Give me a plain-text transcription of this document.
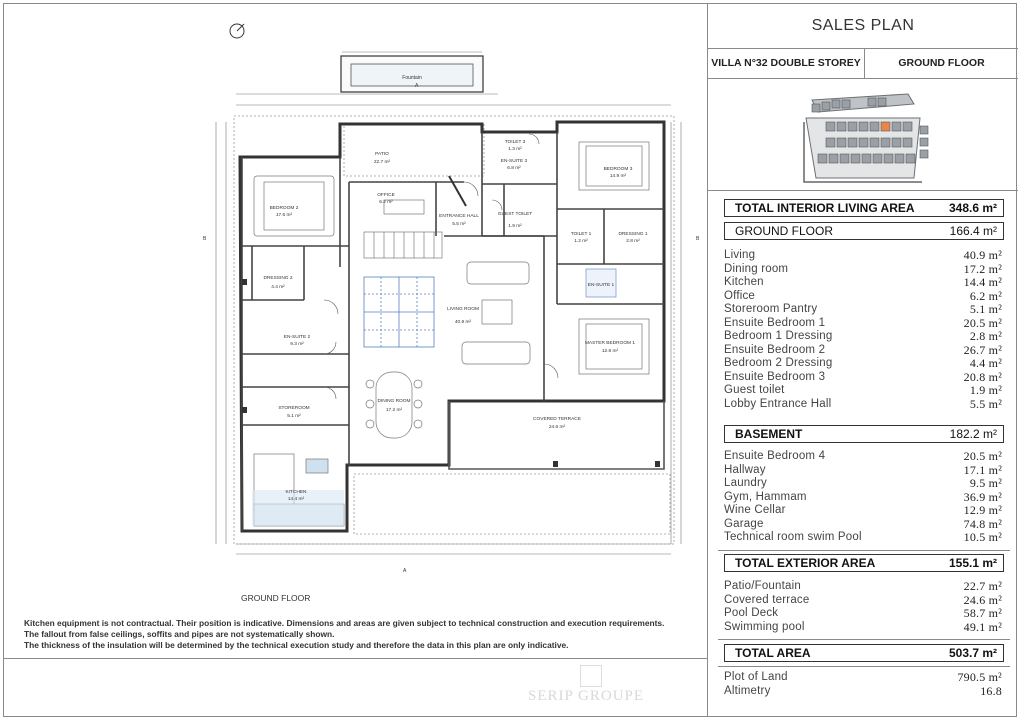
Fountain
B	B
A
A
PATIO
22.7 m²
TOILET 3
1.3 m²
EN-SUITE 3
6.8 m²	BEDROOM 3
14.9 m²
BEDROOM 2
17.6 m²
OFFICE
6.2 m²
ENTRANCE HALL
5.5 m²
GUEST TOILET
1.9 m²
TOILET 1
1.2 m²
DRESSING 1
2.8 m²
DRESSING 2
4.4 m²	EN-SUITE 1
LIVING ROOM
40.9 m²
EN-SUITE 2
9.3 m²	MASTER BEDROOM 1
12.8 m²
DINING ROOM
17.2 m²
STOREROOM
5.1 m²
COVERED TERRACE
24.6 m²
KITCHEN
14.4 m²
GROUND FLOOR
Kitchen equipment is not contractual. Their position is indicative. Dimensions and areas are given subject to technical construction and execution requirements.
The fallout from false ceilings, soffits and pipes are not systematically shown.
The thickness of the insulation will be determined by the technical execution study and therefore the data in this plan are only indicative.
SERIP GROUPE
SALES PLAN
VILLA N°32 DOUBLE STOREY	GROUND FLOOR
TOTAL INTERIOR LIVING AREA	348.6 m²
GROUND FLOOR	166.4 m²
Living	40.9 m²
Dining room	17.2 m²
Kitchen	14.4 m²
Office	6.2 m²
Storeroom Pantry	5.1 m²
Ensuite Bedroom 1	20.5 m²
Bedroom 1 Dressing	2.8 m²
Ensuite Bedroom 2	26.7 m²
Bedroom 2 Dressing	4.4 m²
Ensuite Bedroom 3	20.8 m²
Guest toilet	1.9 m²
Lobby Entrance Hall	5.5 m²
BASEMENT	182.2 m²
Ensuite Bedroom 4	20.5 m²
Hallway	17.1 m²
Laundry	9.5 m²
Gym, Hammam	36.9 m²
Wine Cellar	12.9 m²
Garage	74.8 m²
Technical room swim Pool	10.5 m²
TOTAL EXTERIOR AREA	155.1 m²
Patio/Fountain	22.7 m²
Covered terrace	24.6 m²
Pool Deck	58.7 m²
Swimming pool	49.1 m²
TOTAL AREA	503.7 m²
Plot of Land	790.5 m²
Altimetry	16.8
